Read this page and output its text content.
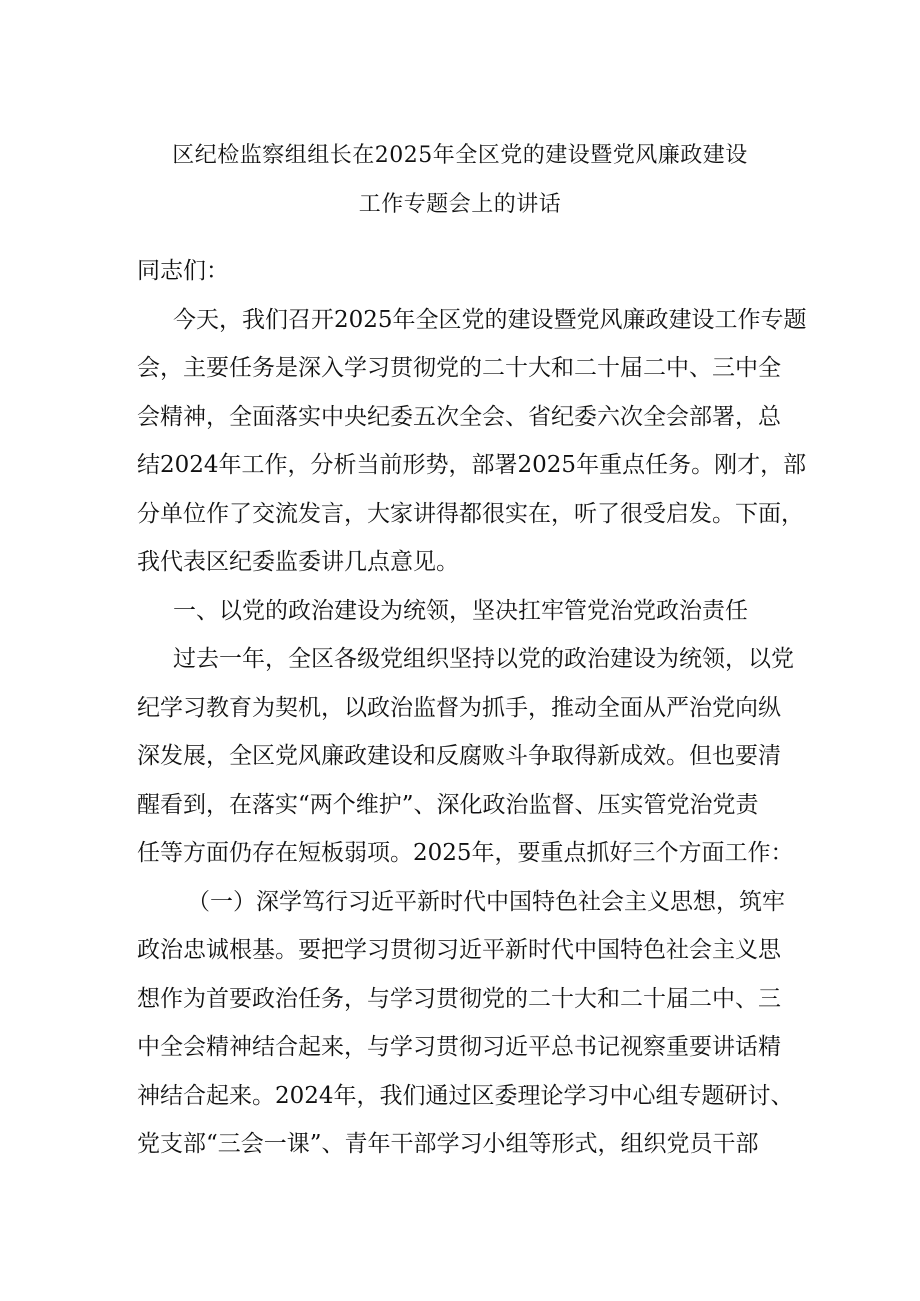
区纪检监察组组长在2025年全区党的建设暨党风廉政建设
工作专题会上的讲话
同志们：
今天，我们召开2025年全区党的建设暨党风廉政建设工作专题
会，主要任务是深入学习贯彻党的二十大和二十届二中、三中全
会精神，全面落实中央纪委五次全会、省纪委六次全会部署，总
结2024年工作，分析当前形势，部署2025年重点任务。刚才，部
分单位作了交流发言，大家讲得都很实在，听了很受启发。下面，
我代表区纪委监委讲几点意见。
一、以党的政治建设为统领，坚决扛牢管党治党政治责任
过去一年，全区各级党组织坚持以党的政治建设为统领，以党
纪学习教育为契机，以政治监督为抓手，推动全面从严治党向纵
深发展，全区党风廉政建设和反腐败斗争取得新成效。但也要清
醒看到，在落实“两个维护”、深化政治监督、压实管党治党责
任等方面仍存在短板弱项。2025年，要重点抓好三个方面工作：
（一）深学笃行习近平新时代中国特色社会主义思想，筑牢
政治忠诚根基。要把学习贯彻习近平新时代中国特色社会主义思
想作为首要政治任务，与学习贯彻党的二十大和二十届二中、三
中全会精神结合起来，与学习贯彻习近平总书记视察重要讲话精
神结合起来。2024年，我们通过区委理论学习中心组专题研讨、
党支部“三会一课”、青年干部学习小组等形式，组织党员干部
